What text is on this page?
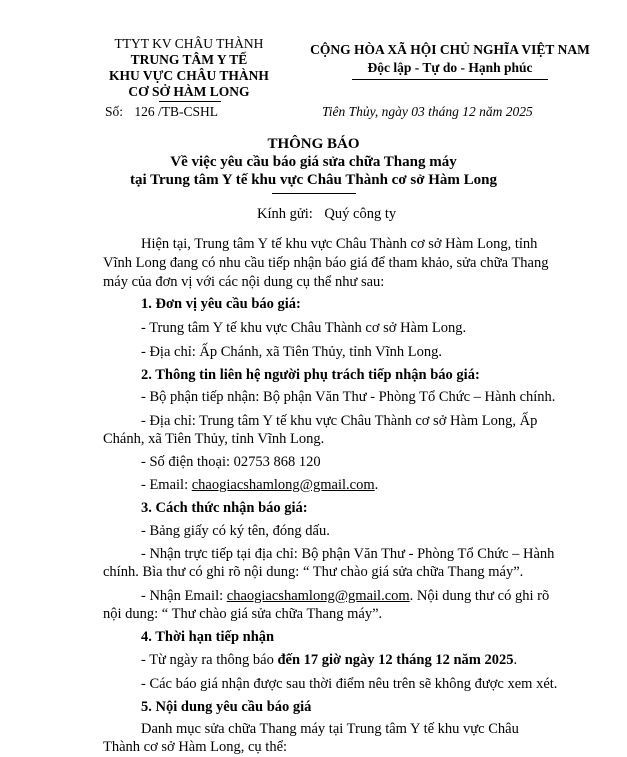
TTYT KV CHÂU THÀNH
TRUNG TÂM Y TẾ
KHU VỰC CHÂU THÀNH
CƠ SỞ HÀM LONG
Số: 126 /TB-CSHL
CỘNG HÒA XÃ HỘI CHỦ NGHĨA VIỆT NAM
Độc lập - Tự do - Hạnh phúc
Tiên Thủy, ngày 03 tháng 12 năm 2025
THÔNG BÁO
Về việc yêu cầu báo giá sửa chữa Thang máy
tại Trung tâm Y tế khu vực Châu Thành cơ sở Hàm Long
Kính gửi: Quý công ty
Hiện tại, Trung tâm Y tế khu vực Châu Thành cơ sở Hàm Long, tỉnh
Vĩnh Long đang có nhu cầu tiếp nhận báo giá để tham khảo, sửa chữa Thang
máy của đơn vị với các nội dung cụ thể như sau:
1. Đơn vị yêu cầu báo giá:
- Trung tâm Y tế khu vực Châu Thành cơ sở Hàm Long.
- Địa chỉ: Ấp Chánh, xã Tiên Thủy, tỉnh Vĩnh Long.
2. Thông tin liên hệ người phụ trách tiếp nhận báo giá:
- Bộ phận tiếp nhận: Bộ phận Văn Thư - Phòng Tổ Chức – Hành chính.
- Địa chỉ: Trung tâm Y tế khu vực Châu Thành cơ sở Hàm Long, Ấp
Chánh, xã Tiên Thủy, tỉnh Vĩnh Long.
- Số điện thoại: 02753 868 120
- Email: chaogiacshamlong@gmail.com.
3. Cách thức nhận báo giá:
- Bảng giấy có ký tên, đóng dấu.
- Nhận trực tiếp tại địa chỉ: Bộ phận Văn Thư - Phòng Tổ Chức – Hành
chính. Bìa thư có ghi rõ nội dung: “ Thư chào giá sửa chữa Thang máy”.
- Nhận Email: chaogiacshamlong@gmail.com. Nội dung thư có ghi rõ
nội dung: “ Thư chào giá sửa chữa Thang máy”.
4. Thời hạn tiếp nhận
- Từ ngày ra thông báo đến 17 giờ ngày 12 tháng 12 năm 2025.
- Các báo giá nhận được sau thời điểm nêu trên sẽ không được xem xét.
5. Nội dung yêu cầu báo giá
Danh mục sửa chữa Thang máy tại Trung tâm Y tế khu vực Châu
Thành cơ sở Hàm Long, cụ thể:
